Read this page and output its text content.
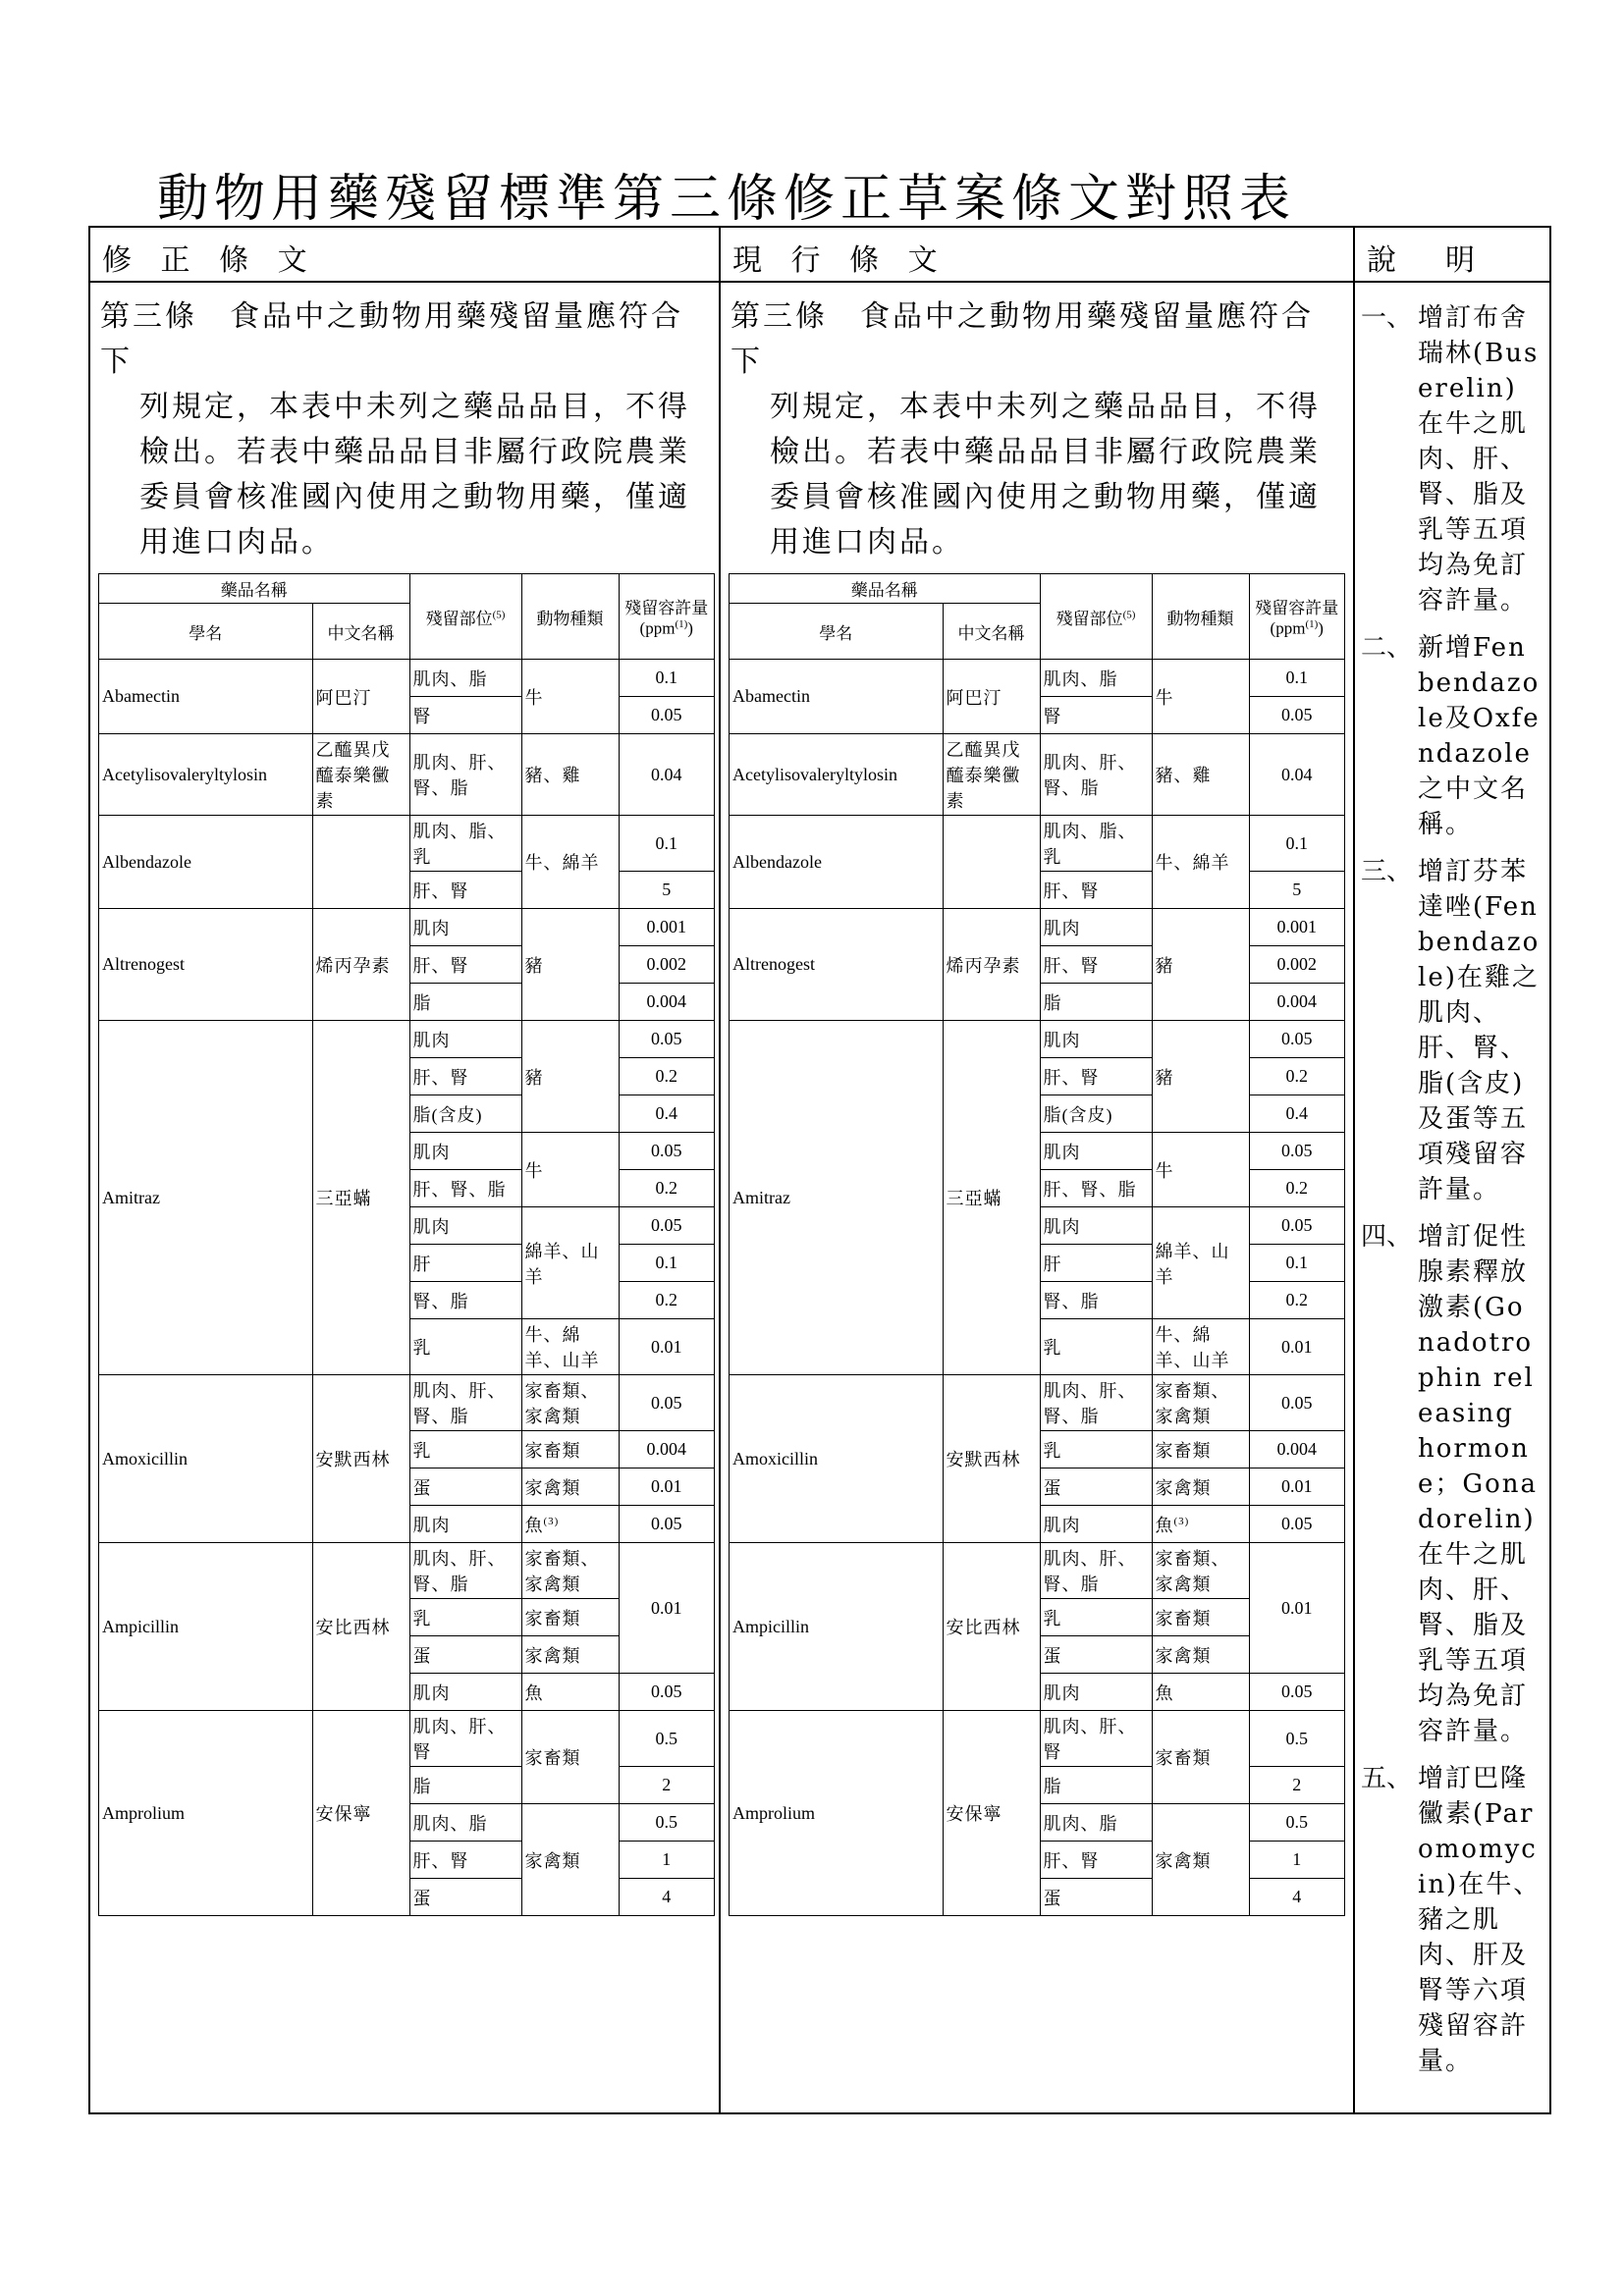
動物用藥殘留標準第三條修正草案條文對照表
修 正 條 文
第三條　食品中之動物用藥殘留量應符合下
列規定，本表中未列之藥品品目，不得
檢出。若表中藥品品目非屬行政院農業
委員會核准國內使用之動物用藥，僅適
用進口肉品。
藥品名稱		殘留部位$^{(5)}$	動物種類	殘留容許量
(ppm$^{(1)}$)
學名	中文名稱			
Abamectin	阿巴汀	肌肉、脂	牛	0.1
		腎		0.05
Acetylisovaleryltylosin	乙醯異戊醯泰樂黴素	肌肉、肝、腎、脂	豬、雞	0.04
Albendazole		肌肉、脂、乳	牛、綿羊	0.1
		肝、腎		5
Altrenogest	烯丙孕素	肌肉	豬	0.001
		肝、腎		0.002
		脂		0.004
Amitraz	三亞蟎	肌肉	豬	0.05
		肝、腎		0.2
		脂(含皮)		0.4
		肌肉	牛	0.05
		肝、腎、脂		0.2
		肌肉	綿羊、山羊	0.05
		肝		0.1
		腎、脂		0.2
		乳	牛、綿羊、山羊	0.01
Amoxicillin	安默西林	肌肉、肝、腎、脂	家畜類、家禽類	0.05
		乳	家畜類	0.004
		蛋	家禽類	0.01
		肌肉	魚$^{(3)}$	0.05
Ampicillin	安比西林	肌肉、肝、腎、脂	家畜類、家禽類	0.01
		乳	家畜類	
		蛋	家禽類	
		肌肉	魚	0.05
Amprolium	安保寧	肌肉、肝、腎	家畜類	0.5
		脂		2
		肌肉、脂	家禽類	0.5
		肝、腎		1
		蛋		4
現 行 條 文
第三條　食品中之動物用藥殘留量應符合下
列規定，本表中未列之藥品品目，不得
檢出。若表中藥品品目非屬行政院農業
委員會核准國內使用之動物用藥，僅適
用進口肉品。
藥品名稱		殘留部位$^{(5)}$	動物種類	殘留容許量
(ppm$^{(1)}$)
學名	中文名稱			
Abamectin	阿巴汀	肌肉、脂	牛	0.1
		腎		0.05
Acetylisovaleryltylosin	乙醯異戊醯泰樂黴素	肌肉、肝、腎、脂	豬、雞	0.04
Albendazole		肌肉、脂、乳	牛、綿羊	0.1
		肝、腎		5
Altrenogest	烯丙孕素	肌肉	豬	0.001
		肝、腎		0.002
		脂		0.004
Amitraz	三亞蟎	肌肉	豬	0.05
		肝、腎		0.2
		脂(含皮)		0.4
		肌肉	牛	0.05
		肝、腎、脂		0.2
		肌肉	綿羊、山羊	0.05
		肝		0.1
		腎、脂		0.2
		乳	牛、綿羊、山羊	0.01
Amoxicillin	安默西林	肌肉、肝、腎、脂	家畜類、家禽類	0.05
		乳	家畜類	0.004
		蛋	家禽類	0.01
		肌肉	魚$^{(3)}$	0.05
Ampicillin	安比西林	肌肉、肝、腎、脂	家畜類、家禽類	0.01
		乳	家畜類	
		蛋	家禽類	
		肌肉	魚	0.05
Amprolium	安保寧	肌肉、肝、腎	家畜類	0.5
		脂		2
		肌肉、脂	家禽類	0.5
		肝、腎		1
		蛋		4
說　明
一、 增訂布舍瑞林(Buserelin)在牛之肌肉、肝、腎、脂及乳等五項均為免訂容許量。
二、 新增Fenbendazole及Oxfendazole之中文名稱。
三、 增訂芬苯達唑(Fenbendazole)在雞之肌肉、肝、腎、脂(含皮)及蛋等五項殘留容許量。
四、 增訂促性腺素釋放激素(Gonadotrophin releasing hormone；Gonadorelin)在牛之肌肉、肝、腎、脂及乳等五項均為免訂容許量。
五、 增訂巴隆黴素(Paromomycin)在牛、豬之肌肉、肝及腎等六項殘留容許量。
